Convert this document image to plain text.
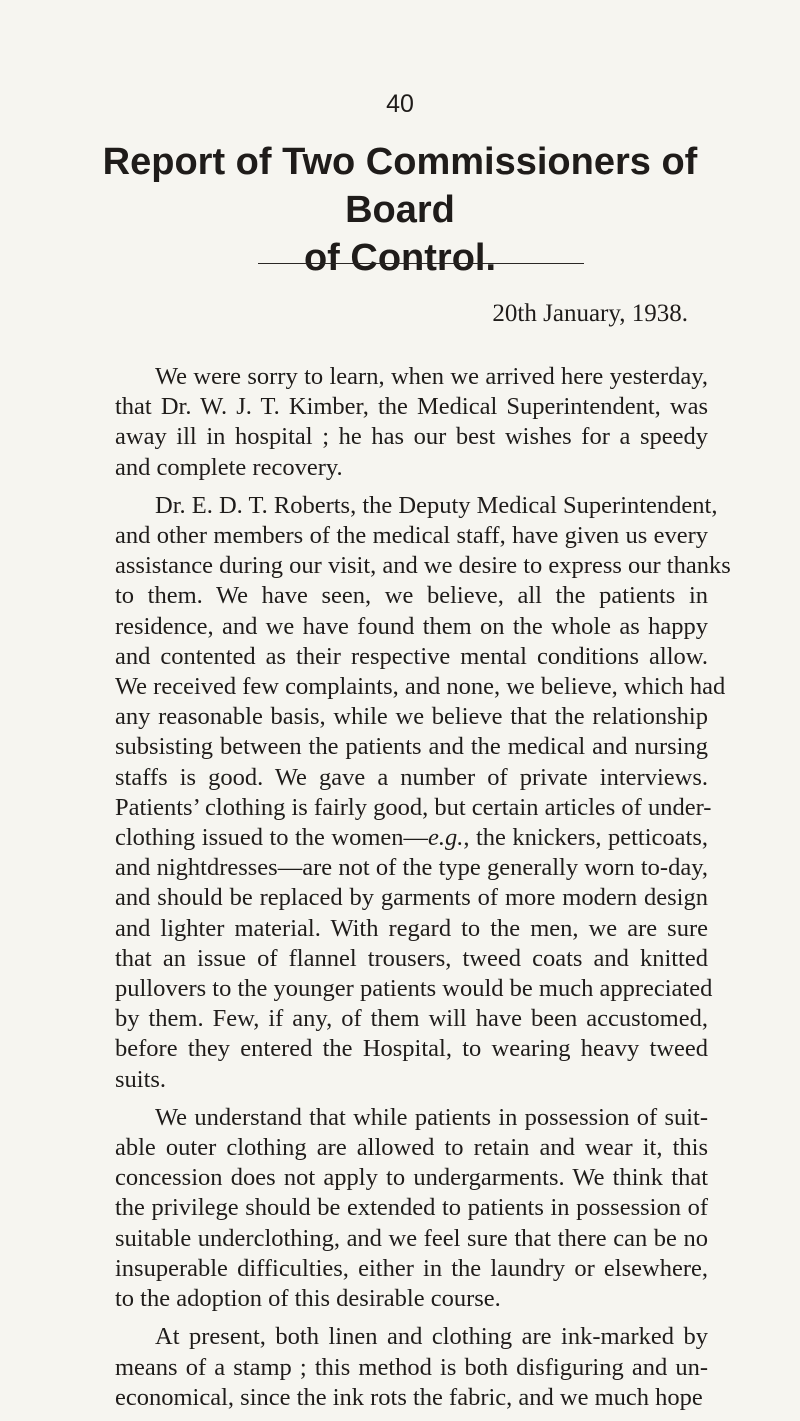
40
Report of Two Commissioners of Board
of Control.
20th January, 1938.
We were sorry to learn, when we arrived here yesterday,
that Dr. W. J. T. Kimber, the Medical Superintendent, was
away ill in hospital ; he has our best wishes for a speedy
and complete recovery.
Dr. E. D. T. Roberts, the Deputy Medical Superintendent,
and other members of the medical staff, have given us every
assistance during our visit, and we desire to express our thanks
to them. We have seen, we believe, all the patients in
residence, and we have found them on the whole as happy
and contented as their respective mental conditions allow.
We received few complaints, and none, we believe, which had
any reasonable basis, while we believe that the relationship
subsisting between the patients and the medical and nursing
staffs is good. We gave a number of private interviews.
Patients’ clothing is fairly good, but certain articles of under-
clothing issued to the women—e.g., the knickers, petticoats,
and nightdresses—are not of the type generally worn to-day,
and should be replaced by garments of more modern design
and lighter material. With regard to the men, we are sure
that an issue of flannel trousers, tweed coats and knitted
pullovers to the younger patients would be much appreciated
by them. Few, if any, of them will have been accustomed,
before they entered the Hospital, to wearing heavy tweed
suits.
We understand that while patients in possession of suit-
able outer clothing are allowed to retain and wear it, this
concession does not apply to undergarments. We think that
the privilege should be extended to patients in possession of
suitable underclothing, and we feel sure that there can be no
insuperable difficulties, either in the laundry or elsewhere,
to the adoption of this desirable course.
At present, both linen and clothing are ink-marked by
means of a stamp ; this method is both disfiguring and un-
economical, since the ink rots the fabric, and we much hope
